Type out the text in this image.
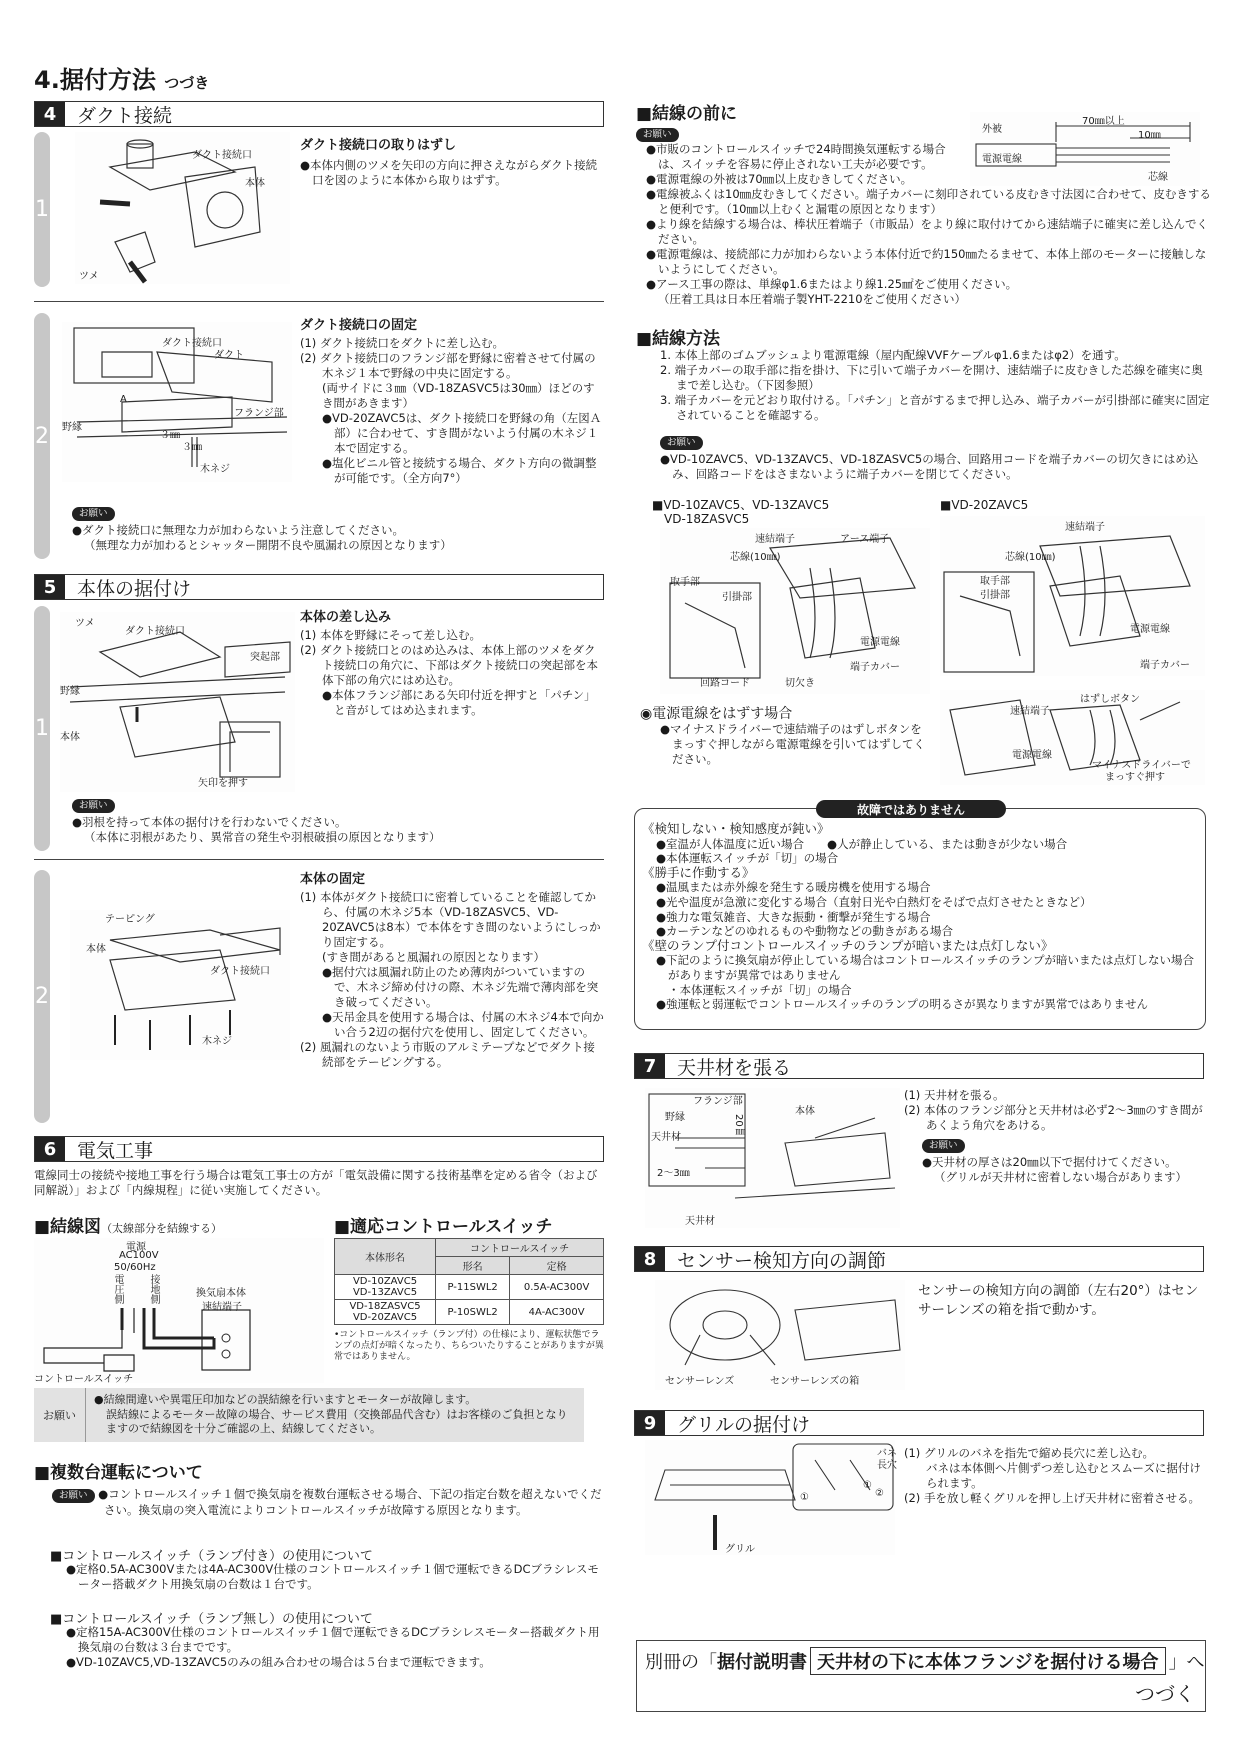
4.据付方法 つづき
4	ダクト接続
1
ダクト接続口
本体
ツメ

ダクト接続口の取りはずし

●本体内側のツメを矢印の方向に押さえながらダクト接続口を図のように本体から取りはずす。

2
ダクト接続口
ダクト
A
フランジ部
野縁
３㎜
３㎜
木ネジ

ダクト接続口の固定

(1) ダクト接続口をダクトに差し込む。

(2) ダクト接続口のフランジ部を野縁に密着させて付属の木ネジ１本で野縁の中央に固定する。

(両サイドに３㎜（VD-18ZASVC5は30㎜）ほどのすき間があきます）

●VD-20ZAVC5は、ダクト接続口を野縁の角（左図Ａ部）に合わせて、すき間がないよう付属の木ネジ１本で固定する。

●塩化ビニル管と接続する場合、ダクト方向の微調整が可能です。（全方向7°）

お願い

●ダクト接続口に無理な力が加わらないよう注意してください。

（無理な力が加わるとシャッター開閉不良や風漏れの原因となります）

5	本体の据付け
1
ツメ
ダクト接続口
突起部
野縁
本体
矢印を押す

本体の差し込み

(1) 本体を野縁にそって差し込む。

(2) ダクト接続口とのはめ込みは、本体上部のツメをダクト接続口の角穴に、下部はダクト接続口の突起部を本体下部の角穴にはめ込む。

●本体フランジ部にある矢印付近を押すと「パチン」と音がしてはめ込まれます。

お願い

●羽根を持って本体の据付けを行わないでください。

（本体に羽根があたり、異常音の発生や羽根破損の原因となります）

2
テーピング
本体
ダクト接続口
木ネジ

本体の固定

(1) 本体がダクト接続口に密着していることを確認してから、付属の木ネジ5本（VD-18ZASVC5、VD-20ZAVC5は8本）で本体をすき間のないようにしっかり固定する。

(すき間があると風漏れの原因となります）

●据付穴は風漏れ防止のため薄肉がついていますので、木ネジ締め付けの際、木ネジ先端で薄肉部を突き破ってください。

●天吊金具を使用する場合は、付属の木ネジ4本で向かい合う2辺の据付穴を使用し、固定してください。

(2) 風漏れのないよう市販のアルミテープなどでダクト接続部をテーピングする。

6	電気工事

電線同士の接続や接地工事を行う場合は電気工事士の方が「電気設備に関する技術基準を定める省令（および同解説）」および「内線規程」に従い実施してください。

■結線図（太線部分を結線する）
電源
AC100V
50/60Hz
電圧側	接地側	換気扇本体
速結端子
コントロールスイッチ
■適応コントロールスイッチ
本体形名	コントロールスイッチ	
	形名	定格
VD-10ZAVC5
VD-13ZAVC5	P-11SWL2	0.5A-AC300V
VD-18ZASVC5
VD-20ZAVC5	P-10SWL2	4A-AC300V
•コントロールスイッチ（ランプ付）の仕様により、運転状態でランプの点灯が暗くなったり、ちらついたりすることがありますが異常ではありません。
お願い

●結線間違いや異電圧印加などの誤結線を行いますとモーターが故障します。

誤結線によるモーター故障の場合、サービス費用（交換部品代含む）はお客様のご負担となりますので結線図を十分ご確認の上、結線してください。

■複数台運転について

お願い ●コントロールスイッチ１個で換気扇を複数台運転させる場合、下記の指定台数を超えないでください。換気扇の突入電流によりコントロールスイッチが故障する原因となります。

■コントロールスイッチ（ランプ付き）の使用について

●定格0.5A-AC300Vまたは4A-AC300V仕様のコントロールスイッチ１個で運転できるDCブラシレスモーター搭載ダクト用換気扇の台数は１台です。

■コントロールスイッチ（ランプ無し）の使用について

●定格15A-AC300V仕様のコントロールスイッチ１個で運転できるDCブラシレスモーター搭載ダクト用換気扇の台数は３台までです。

●VD-10ZAVC5,VD-13ZAVC5のみの組み合わせの場合は５台まで運転できます。

■結線の前に
外被
70㎜以上
10㎜
電源電線
芯線
お願い

●市販のコントロールスイッチで24時間換気運転する場合は、スイッチを容易に停止されない工夫が必要です。

●電源電線の外被は70㎜以上皮むきしてください。

●電線被ふくは10㎜皮むきしてください。端子カバーに刻印されている皮むき寸法図に合わせて、皮むきすると便利です。（10㎜以上むくと漏電の原因となります）

●より線を結線する場合は、棒状圧着端子（市販品）をより線に取付けてから速結端子に確実に差し込んでください。

●電源電線は、接続部に力が加わらないよう本体付近で約150㎜たるませて、本体上部のモーターに接触しないようにしてください。

●アース工事の際は、単線φ1.6またはより線1.25㎟をご使用ください。

（圧着工具は日本圧着端子製YHT-2210をご使用ください）

■結線方法

1. 本体上部のゴムブッシュより電源電線（屋内配線VVFケーブルφ1.6またはφ2）を通す。

2. 端子カバーの取手部に指を掛け、下に引いて端子カバーを開け、速結端子に皮むきした芯線を確実に奥まで差し込む。（下図参照）

3. 端子カバーを元どおり取付ける。「パチン」と音がするまで押し込み、端子カバーが引掛部に確実に固定されていることを確認する。

お願い

●VD-10ZAVC5、VD-13ZAVC5、VD-18ZASVC5の場合、回路用コードを端子カバーの切欠きにはめ込み、回路コードをはさまないように端子カバーを閉じてください。

■VD-10ZAVC5、VD-13ZAVC5

VD-18ZASVC5

■VD-20ZAVC5
速結端子	アース端子
芯線(10㎜)
取手部
引掛部
電源電線
端子カバー
回路コード	切欠き
速結端子
芯線(10㎜)
取手部
引掛部
電源電線
端子カバー
◉電源電線をはずす場合

●マイナスドライバーで速結端子のはずしボタンをまっすぐ押しながら電源電線を引いてはずしてください。

はずしボタン
速結端子
電源電線
マイナスドライバーで
まっすぐ押す
故障ではありません

《検知しない・検知感度が鈍い》

●室温が人体温度に近い場合　　●人が静止している、または動きが少ない場合

●本体運転スイッチが「切」の場合

《勝手に作動する》

●温風または赤外線を発生する暖房機を使用する場合

●光や温度が急激に変化する場合（直射日光や白熱灯をそばで点灯させたときなど）

●強力な電気雑音、大きな振動・衝撃が発生する場合

●カーテンなどのゆれるものや動物などの動きがある場合

《壁のランプ付コントロールスイッチのランプが暗いまたは点灯しない》

●下記のように換気扇が停止している場合はコントロールスイッチのランプが暗いまたは点灯しない場合がありますが異常ではありません

・本体運転スイッチが「切」の場合

●強運転と弱運転でコントロールスイッチのランプの明るさが異なりますが異常ではありません

7	天井材を張る
フランジ部
野縁
天井材
20㎜
2～3㎜
本体
天井材

(1) 天井材を張る。

(2) 本体のフランジ部分と天井材は必ず2～3㎜のすき間があくよう角穴をあける。

お願い

●天井材の厚さは20㎜以下で据付けてください。

（グリルが天井材に密着しない場合があります）

8	センサー検知方向の調節
センサーレンズ	センサーレンズの箱
センサーの検知方向の調節（左右20°）はセンサーレンズの箱を指で動かす。
9	グリルの据付け
バネ
長穴
①
②
①
グリル

(1) グリルのバネを指先で縮め長穴に差し込む。

バネは本体側へ片側ずつ差し込むとスムーズに据付けられます。

(2) 手を放し軽くグリルを押し上げ天井材に密着させる。

別冊の「 据付説明書 天井材の下に本体フランジを据付ける場合 」へ
つづく
